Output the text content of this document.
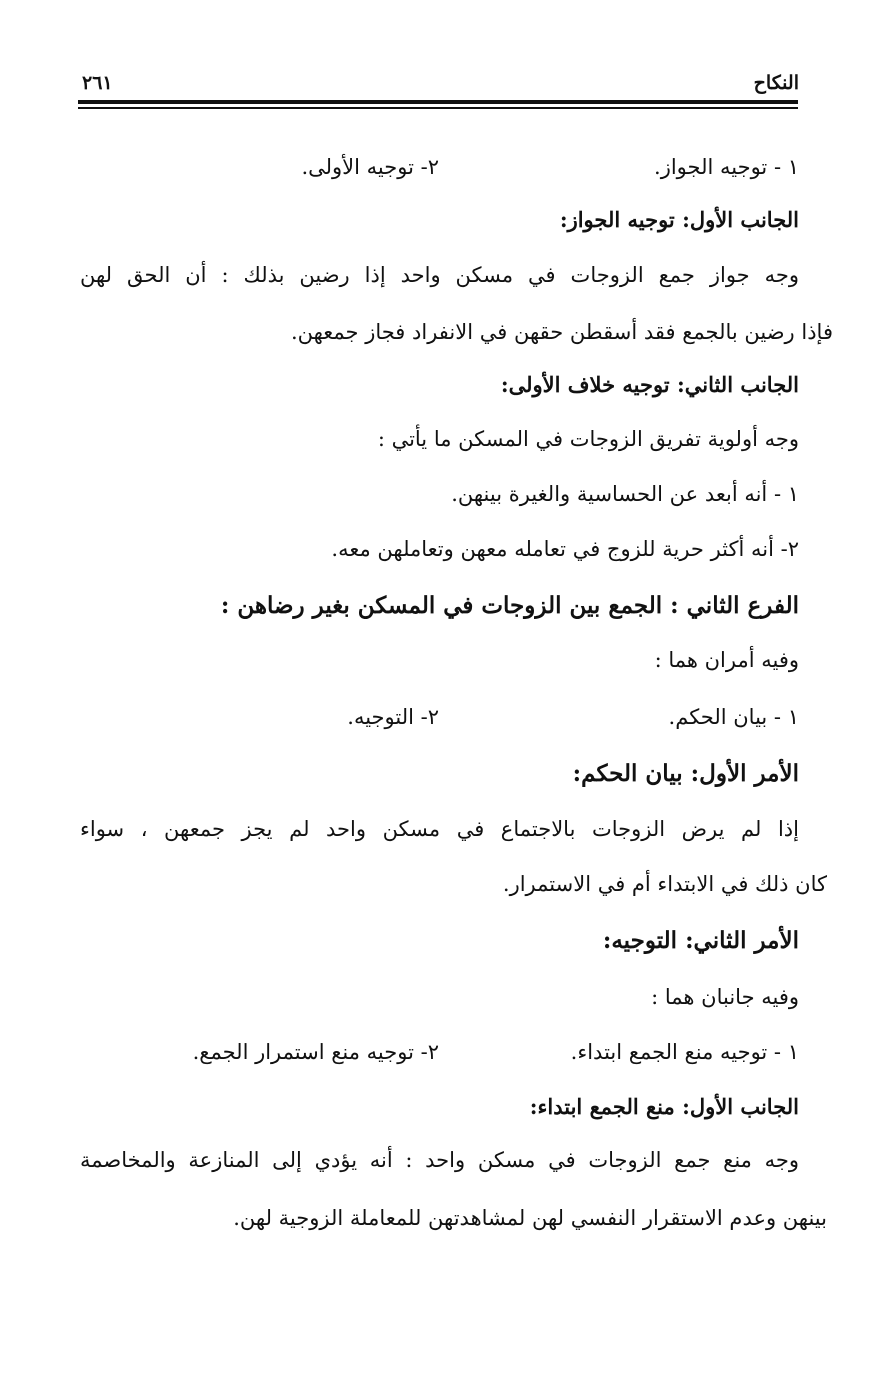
النكاح
٢٦١
١ - توجيه الجواز.
٢- توجيه الأولى.
الجانب الأول: توجيه الجواز:
وجه جواز جمع الزوجات في مسكن واحد إذا رضين بذلك : أن الحق لهن
فإذا رضين بالجمع فقد أسقطن حقهن في الانفراد فجاز جمعهن.
الجانب الثاني: توجيه خلاف الأولى:
وجه أولوية تفريق الزوجات في المسكن ما يأتي :
١ - أنه أبعد عن الحساسية والغيرة بينهن.
٢- أنه أكثر حرية للزوج في تعامله معهن وتعاملهن معه.
الفرع الثاني : الجمع بين الزوجات في المسكن بغير رضاهن :
وفيه أمران هما :
١ - بيان الحكم.
٢- التوجيه.
الأمر الأول: بيان الحكم:
إذا لم يرض الزوجات بالاجتماع في مسكن واحد لم يجز جمعهن ، سواء
كان ذلك في الابتداء أم في الاستمرار.
الأمر الثاني: التوجيه:
وفيه جانبان هما :
١ - توجيه منع الجمع ابتداء.
٢- توجيه منع استمرار الجمع.
الجانب الأول: منع الجمع ابتداء:
وجه منع جمع الزوجات في مسكن واحد : أنه يؤدي إلى المنازعة والمخاصمة
بينهن وعدم الاستقرار النفسي لهن لمشاهدتهن للمعاملة الزوجية لهن.
